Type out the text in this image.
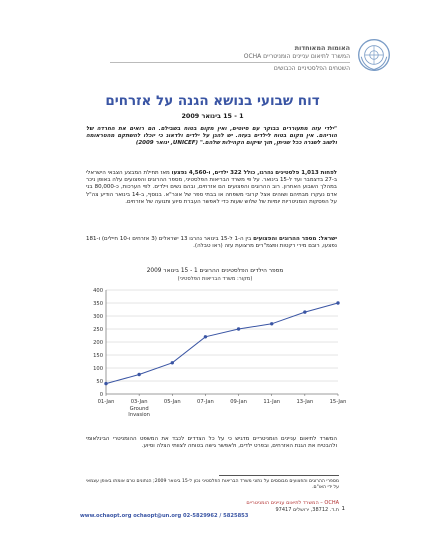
האומות המאוחדות
המשרד לתיאום עניינים הומניטריים OCHA
השטחים הפלסטיניים הכבושים
דוח שבועי בנושא הגנה על אזרחים
1 - 15 בינואר 2009
"ילדי עזה מתעוררים בבוקר עם סיוטים, ואין מקום בטוח בשבילם. הם רואים את החרדה של הוריהם. אין מקום בטוח לילדים בעזה. יש להגן על ילדים ולדאוג כי יוכלו להשתקם מהטראומה ולשוב לשגרה ככל שניתן, תוך שיקום הקהילות שלהם." (UNICEF, ינואר 2009)
לפחות 1,013 פלסטינים נהרגו, כולל 322 ילדים, ו-4,560 נפצעו מאז תחילת המבצע הצבאי הישראלי ב-27 בדצמבר ועד ל-15 בינואר. על פי משרד הבריאות הפלסטיני, מספר ההרוגים והפצועים עלה באופן ניכר במהלך השבוע האחרון. רוב ההרוגים והפצועים הם אזרחים, ובהם נשים וילדים. לפי הערכות, כ-80,000 בני אדם נעקרו מבתיהם ושוהים אצל קרובי משפחה או בבתי ספר של אונר"א. בנוסף, ב-14 בינואר הודיע צה"ל על הפסקות הומניטריות יומיות של שלוש שעות כדי לאפשר העברת סיוע ותנועה של אזרחים.
ישראל: מספר ההרוגים והפצועים בין ה-1 ל-15 בינואר נהרגו 13 ישראלים (3 אזרחים ו-10 חיילים) ו-181 נפצעו, רובם מירי רקטות ופצמ"רים מרצועת עזה (ראו טבלה).
מספר הילדים הפלסטינים ההרוגים 1 - 15 בינואר 2009
(מקור: משרד הבריאות הפלסטיני)
0
50
100
150
200
250
300
350
400
01-Jan	03-Jan	05-Jan	07-Jan	09-Jan	11-Jan	13-Jan	15-Jan
Ground
Invasion
המשרד לתיאום עניינים הומניטריים מדגיש כי על כל הצדדים לכבד את המשפט ההומניטרי הבינלאומי ולהבטיח את הגנת האזרחים, ובפרט ילדים, ולאפשר גישה בטוחה לצוותי הצלה וסיוע.
מספרי ההרוגים והפצועים מבוססים על נתוני משרד הבריאות הפלסטיני נכון ל-15 בינואר 2009; הנתונים טרם אומתו באופן עצמאי על ידי האו"ם.
OCHA – המשרד לתיאום עניינים הומניטריים
ת.ד. 38712, ירושלים 97417
www.ochaopt.org ochaopt@un.org 02-5829962 / 5825853
1
